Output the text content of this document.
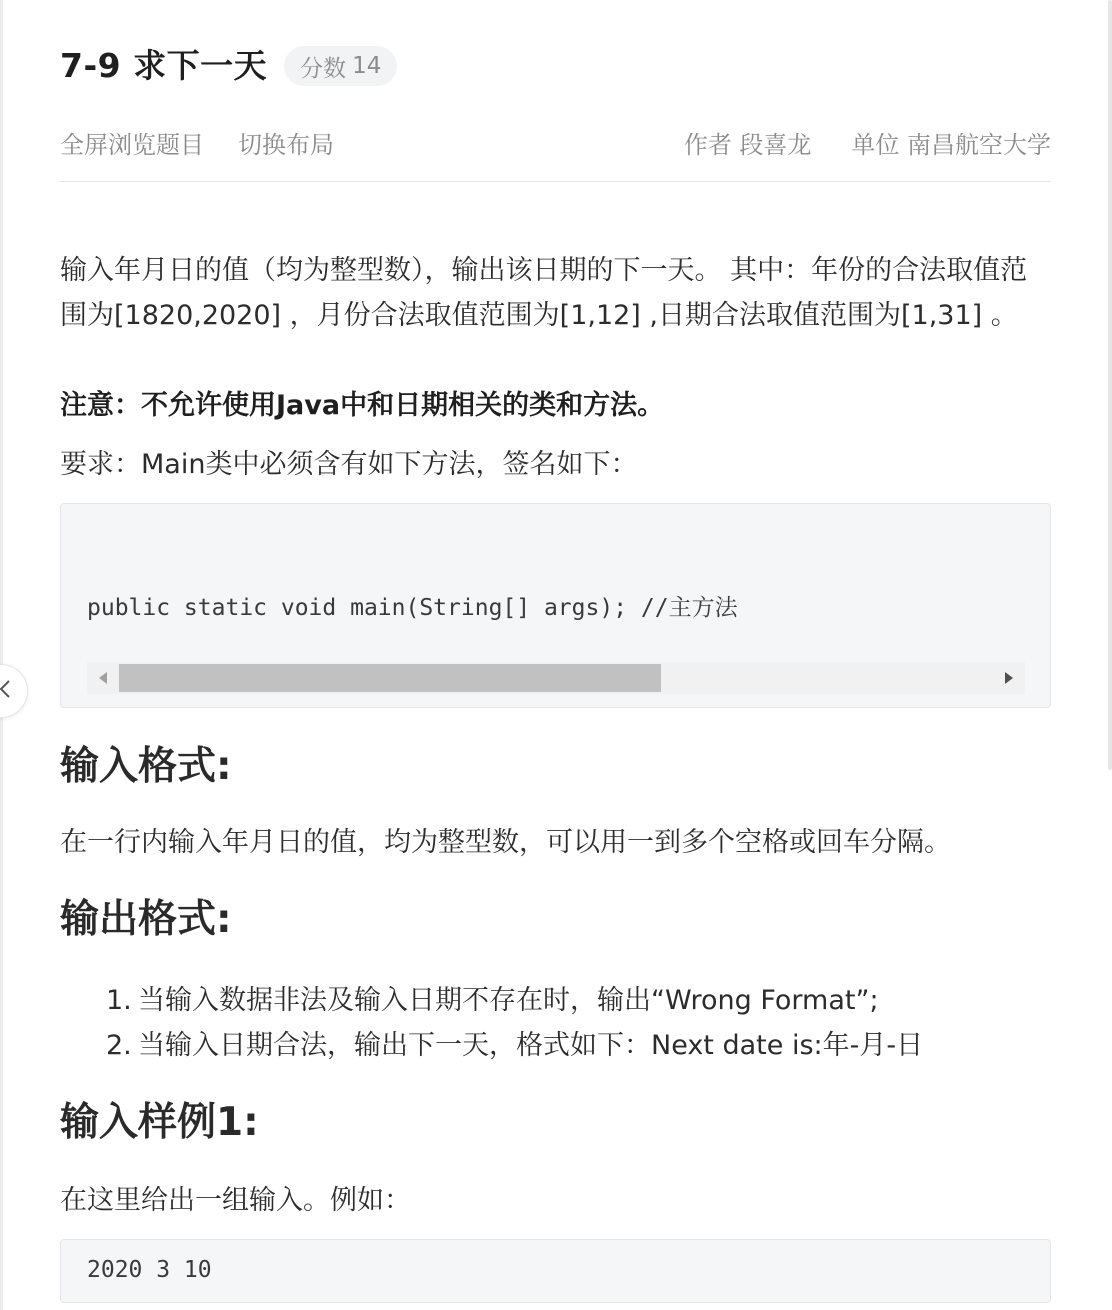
7-9 求下一天 分数 14
全屏浏览题目 切换布局	作者 段喜龙 单位 南昌航空大学

输入年月日的值（均为整型数），输出该日期的下一天。 其中：年份的合法取值范围为[1820,2020] ，月份合法取值范围为[1,12] ,日期合法取值范围为[1,31] 。

注意：不允许使用Java中和日期相关的类和方法。

要求：Main类中必须含有如下方法，签名如下：

public static void main(String[] args); //主方法

输入格式:

在一行内输入年月日的值，均为整型数，可以用一到多个空格或回车分隔。

输出格式:
1. 当输入数据非法及输入日期不存在时，输出“Wrong Format”;
2. 当输入日期合法，输出下一天，格式如下：Next date is:年-月-日
输入样例1:

在这里给出一组输入。例如：

2020 3 10
